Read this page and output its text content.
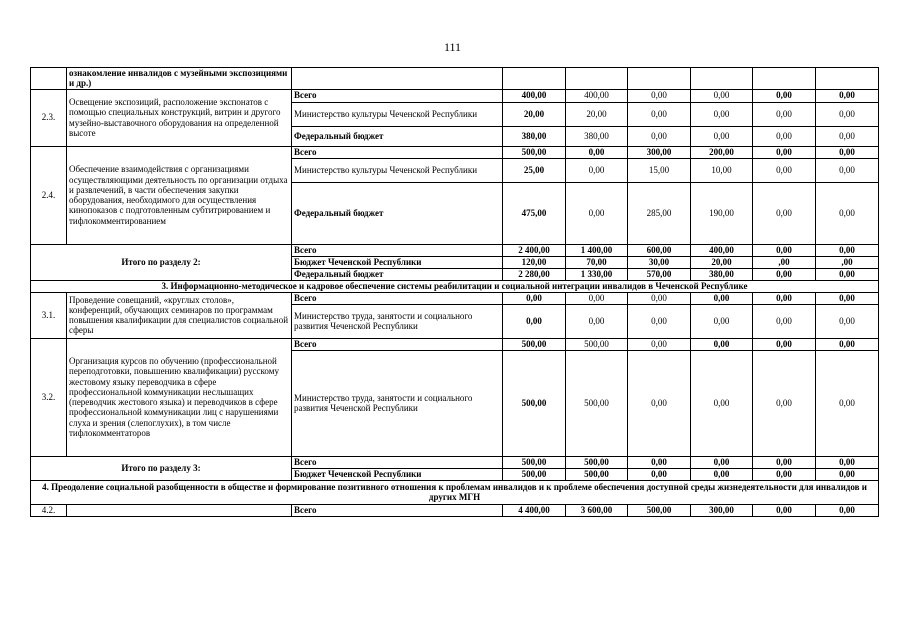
111
	ознакомление инвалидов с музейными экспозициями и др.)							
2.3.	Освещение экспозиций, расположение экспонатов с помощью специальных конструкций, витрин и другого музейно-выставочного оборудования на определенной высоте	Всего	400,00	400,00	0,00	0,00	0,00	0,00
		Министерство культуры Чеченской Республики	20,00	20,00	0,00	0,00	0,00	0,00
		Федеральный бюджет	380,00	380,00	0,00	0,00	0,00	0,00
2.4.	Обеспечение взаимодействия с организациями осуществляющими деятельность по организации отдыха и развлечений, в части обеспечения закупки оборудования, необходимого для осуществления кинопоказов с подготовленным субтитрированием и тифлокомментированием	Всего	500,00	0,00	300,00	200,00	0,00	0,00
		Министерство культуры Чеченской Республики	25,00	0,00	15,00	10,00	0,00	0,00
		Федеральный бюджет	475,00	0,00	285,00	190,00	0,00	0,00
Итого по разделу 2:		Всего	2 400,00	1 400,00	600,00	400,00	0,00	0,00
		Бюджет Чеченской Республики	120,00	70,00	30,00	20,00	,00	,00
		Федеральный бюджет	2 280,00	1 330,00	570,00	380,00	0,00	0,00
3. Информационно-методическое и кадровое обеспечение системы реабилитации и социальной интеграции инвалидов в Чеченской Республике								
3.1.	Проведение совещаний, «круглых столов», конференций, обучающих семинаров по программам повышения квалификации для специалистов социальной сферы	Всего	0,00	0,00	0,00	0,00	0,00	0,00
		Министерство труда, занятости и социального развития Чеченской Республики	0,00	0,00	0,00	0,00	0,00	0,00
3.2.	Организация курсов по обучению (профессиональной переподготовки, повышению квалификации) русскому жестовому языку переводчика в сфере профессиональной коммуникации неслышащих (переводчик жестового языка) и переводчиков в сфере профессиональной коммуникации лиц с нарушениями слуха и зрения (слепоглухих), в том числе тифлокомментаторов	Всего	500,00	500,00	0,00	0,00	0,00	0,00
		Министерство труда, занятости и социального развития Чеченской Республики	500,00	500,00	0,00	0,00	0,00	0,00
Итого по разделу 3:		Всего	500,00	500,00	0,00	0,00	0,00	0,00
		Бюджет Чеченской Республики	500,00	500,00	0,00	0,00	0,00	0,00
4. Преодоление социальной разобщенности в обществе и формирование позитивного отношения к проблемам инвалидов и к проблеме обеспечения доступной среды жизнедеятельности для инвалидов и других МГН								
4.2.		Всего	4 400,00	3 600,00	500,00	300,00	0,00	0,00
